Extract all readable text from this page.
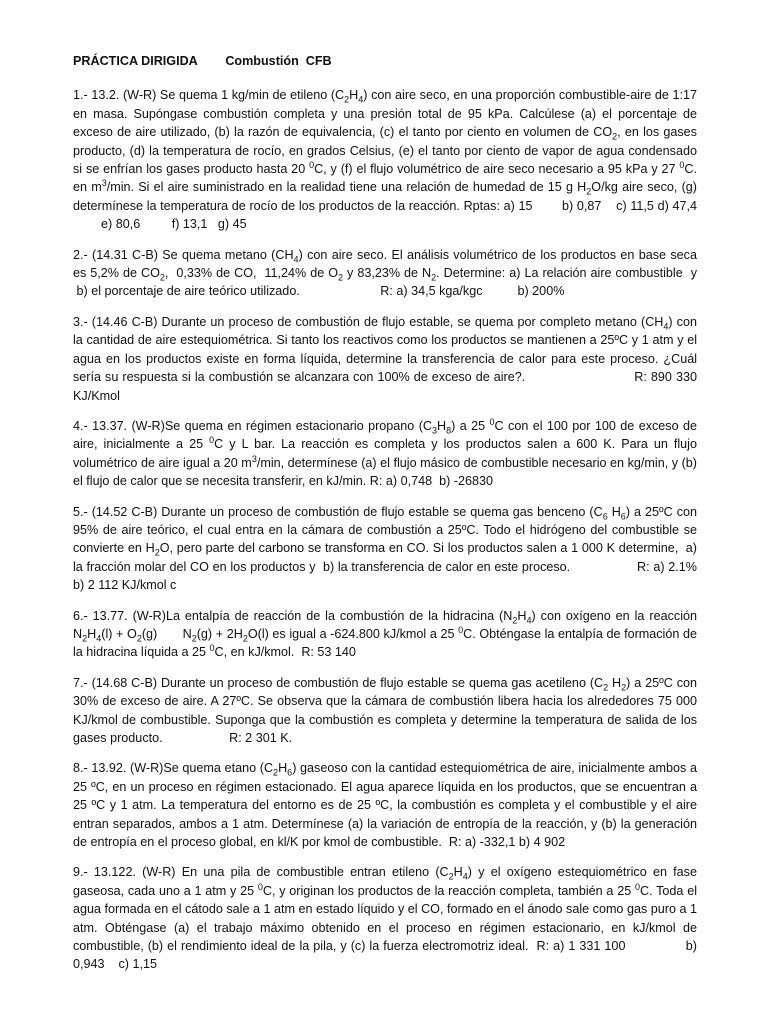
PRÁCTICA DIRIGIDA Combustión  CFB

1.- 13.2. (W-R) Se quema 1 kg/min de etileno $(C_2H_4)$ con aire seco, en una proporción combustible-aire de 1:17 en masa. Supóngase combustión completa y una presión total de 95 kPa. Calcúlese (a) el porcentaje de exceso de aire utilizado, (b) la razón de equivalencia, (c) el tanto por ciento en volumen de $CO_2$, en los gases producto, (d) la temperatura de rocío, en grados Celsius, (e) el tanto por ciento de vapor de agua condensado si se enfrían los gases producto hasta 20 $^0$C, y (f) el flujo volumétrico de aire seco necesario a 95 kPa y 27 $^0$C. en $m^3/\min$. Si el aire suministrado en la realidad tiene una relación de humedad de 15 g $H_2O/kg$ aire seco, (g) determínese la temperatura de rocío de los productos de la reacción. Rptas: a) 15        b) 0,87    c) 11,5 d) 47,4         e) 80,6         f) 13,1   g) 45

2.- (14.31 C-B) Se quema metano $(CH_4)$ con aire seco. El análisis volumétrico de los productos en base seca es 5,2% de $CO_2$,  0,33% de CO,  11,24% de $O_2$ y 83,23% de $N_2$. Determine: a) La relación aire combustible  y  b) el porcentaje de aire teórico utilizado.                       R: a) 34,5 kga/kgc          b) 200%

3.- (14.46 C-B) Durante un proceso de combustión de flujo estable, se quema por completo metano $(CH_4)$ con la cantidad de aire estequiométrica. Si tanto los reactivos como los productos se mantienen a 25ºC y 1 atm y el agua en los productos existe en forma líquida, determine la transferencia de calor para este proceso. ¿Cuál sería su respuesta si la combustión se alcanzara con 100% de exceso de aire?.                           R: 890 330 KJ/Kmol

4.- 13.37. (W-R)Se quema en régimen estacionario propano $(C_3H_8)$ a 25 $^0$C con el 100 por 100 de exceso de aire, inicialmente a 25 $^0$C y L bar. La reacción es completa y los productos salen a 600 K. Para un flujo volumétrico de aire igual a 20 $m^3/\min$, determínese (a) el flujo másico de combustible necesario en kg/min, y (b) el flujo de calor que se necesita transferir, en kJ/min. R: a) 0,748  b) -26830

5.- (14.52 C-B) Durante un proceso de combustión de flujo estable se quema gas benceno ($C_6$ $H_6$) a 25ºC con 95% de aire teórico, el cual entra en la cámara de combustión a 25ºC. Todo el hidrógeno del combustible se convierte en $H_2O$, pero parte del carbono se transforma en CO. Si los productos salen a 1 000 K determine,  a) la fracción molar del CO en los productos y  b) la transferencia de calor en este proceso.                  R: a) 2.1% b) 2 112 KJ/kmol c

6.- 13.77. (W-R)La entalpía de reacción de la combustión de la hidracina $(N_2H_4)$ con oxígeno en la reacción $N_2H_4(l) + O_2(g)$       $N_2(g) + 2H_2O(l)$ es igual a -624.800 kJ/kmol a 25 $^0$C. Obténgase la entalpía de formación de la hidracina líquida a 25 $^0$C, en kJ/kmol.  R: 53 140

7.- (14.68 C-B) Durante un proceso de combustión de flujo estable se quema gas acetileno ($C_2$ $H_2$) a 25ºC con 30% de exceso de aire. A 27ºC. Se observa que la cámara de combustión libera hacia los alrededores 75 000 KJ/kmol de combustible. Suponga que la combustión es completa y determine la temperatura de salida de los gases producto.                   R: 2 301 K.

8.- 13.92. (W-R)Se quema etano $(C_2H_6)$ gaseoso con la cantidad estequiométrica de aire, inicialmente ambos a 25 ºC, en un proceso en régimen estacionado. El agua aparece líquida en los productos, que se encuentran a 25 ºC y 1 atm. La temperatura del entorno es de 25 ºC, la combustión es completa y el combustible y el aire entran separados, ambos a 1 atm. Determínese (a) la variación de entropía de la reacción, y (b) la generación de entropía en el proceso global, en kl/K por kmol de combustible.  R: a) -332,1 b) 4 902

9.- 13.122. (W-R) En una pila de combustible entran etileno $(C_2H_4)$ y el oxígeno estequiométrico en fase gaseosa, cada uno a 1 atm y 25 $^0$C, y originan los productos de la reacción completa, también a 25 $^0$C. Toda el agua formada en el cátodo sale a 1 atm en estado líquido y el CO, formado en el ánodo sale como gas puro a 1 atm. Obténgase (a) el trabajo máximo obtenido en el proceso en régimen estacionario, en kJ/kmol de combustible, (b) el rendimiento ideal de la pila, y (c) la fuerza electromotriz ideal.  R: a) 1 331 100               b) 0,943    c) 1,15
